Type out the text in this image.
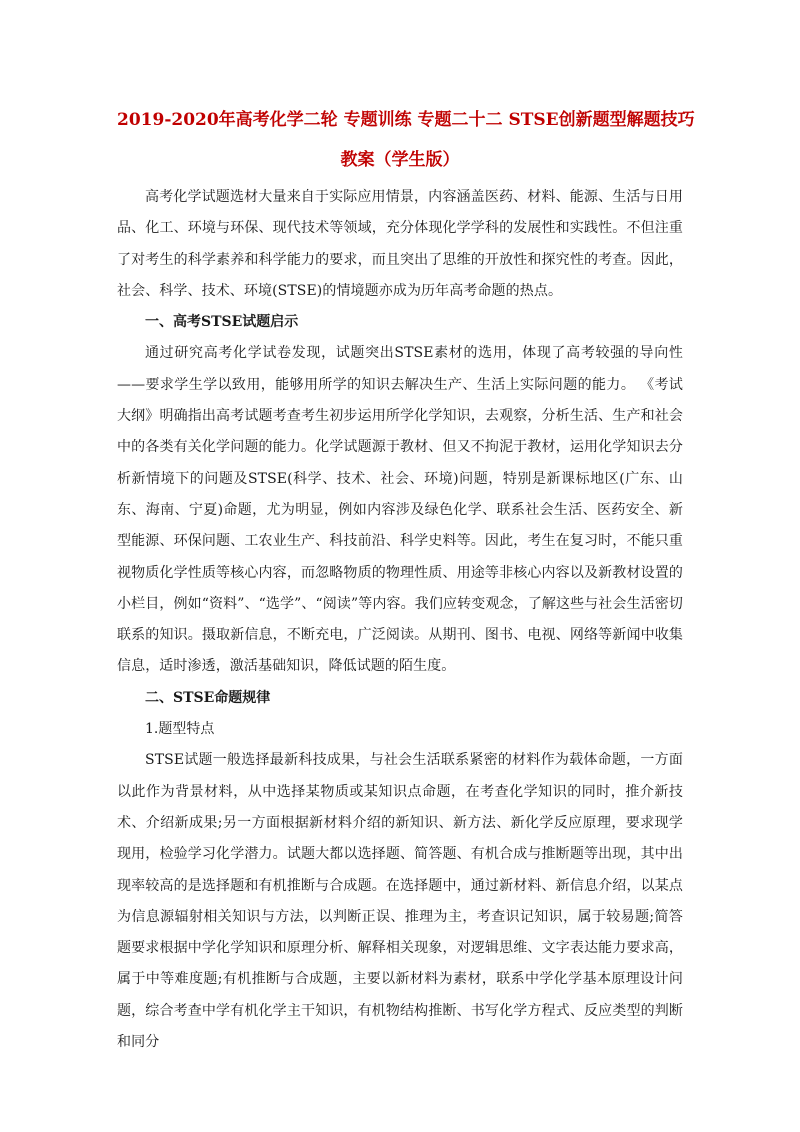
2019-2020年高考化学二轮 专题训练 专题二十二 STSE创新题型解题技巧
教案（学生版）

高考化学试题选材大量来自于实际应用情景，内容涵盖医药、材料、能源、生活与日用品、化工、环境与环保、现代技术等领域，充分体现化学学科的发展性和实践性。不但注重了对考生的科学素养和科学能力的要求，而且突出了思维的开放性和探究性的考查。因此，社会、科学、技术、环境(STSE)的情境题亦成为历年高考命题的热点。

一、高考STSE试题启示

通过研究高考化学试卷发现，试题突出STSE素材的选用，体现了高考较强的导向性——要求学生学以致用，能够用所学的知识去解决生产、生活上实际问题的能力。 《考试大纲》明确指出高考试题考查考生初步运用所学化学知识，去观察，分析生活、生产和社会中的各类有关化学问题的能力。化学试题源于教材、但又不拘泥于教材，运用化学知识去分析新情境下的问题及STSE(科学、技术、社会、环境)问题，特别是新课标地区(广东、山东、海南、宁夏)命题，尤为明显，例如内容涉及绿色化学、联系社会生活、医药安全、新型能源、环保问题、工农业生产、科技前沿、科学史料等。因此，考生在复习时，不能只重视物质化学性质等核心内容，而忽略物质的物理性质、用途等非核心内容以及新教材设置的小栏目，例如“资料”、“选学”、“阅读”等内容。我们应转变观念，了解这些与社会生活密切联系的知识。摄取新信息，不断充电，广泛阅读。从期刊、图书、电视、网络等新闻中收集信息，适时渗透，激活基础知识，降低试题的陌生度。

二、STSE命题规律
1.题型特点

STSE试题一般选择最新科技成果，与社会生活联系紧密的材料作为载体命题，一方面以此作为背景材料，从中选择某物质或某知识点命题，在考查化学知识的同时，推介新技术、介绍新成果;另一方面根据新材料介绍的新知识、新方法、新化学反应原理，要求现学现用，检验学习化学潜力。试题大都以选择题、简答题、有机合成与推断题等出现，其中出现率较高的是选择题和有机推断与合成题。在选择题中，通过新材料、新信息介绍，以某点为信息源辐射相关知识与方法，以判断正误、推理为主，考查识记知识，属于较易题;简答题要求根据中学化学知识和原理分析、解释相关现象，对逻辑思维、文字表达能力要求高，属于中等难度题;有机推断与合成题，主要以新材料为素材，联系中学化学基本原理设计问题，综合考查中学有机化学主干知识，有机物结构推断、书写化学方程式、反应类型的判断和同分
